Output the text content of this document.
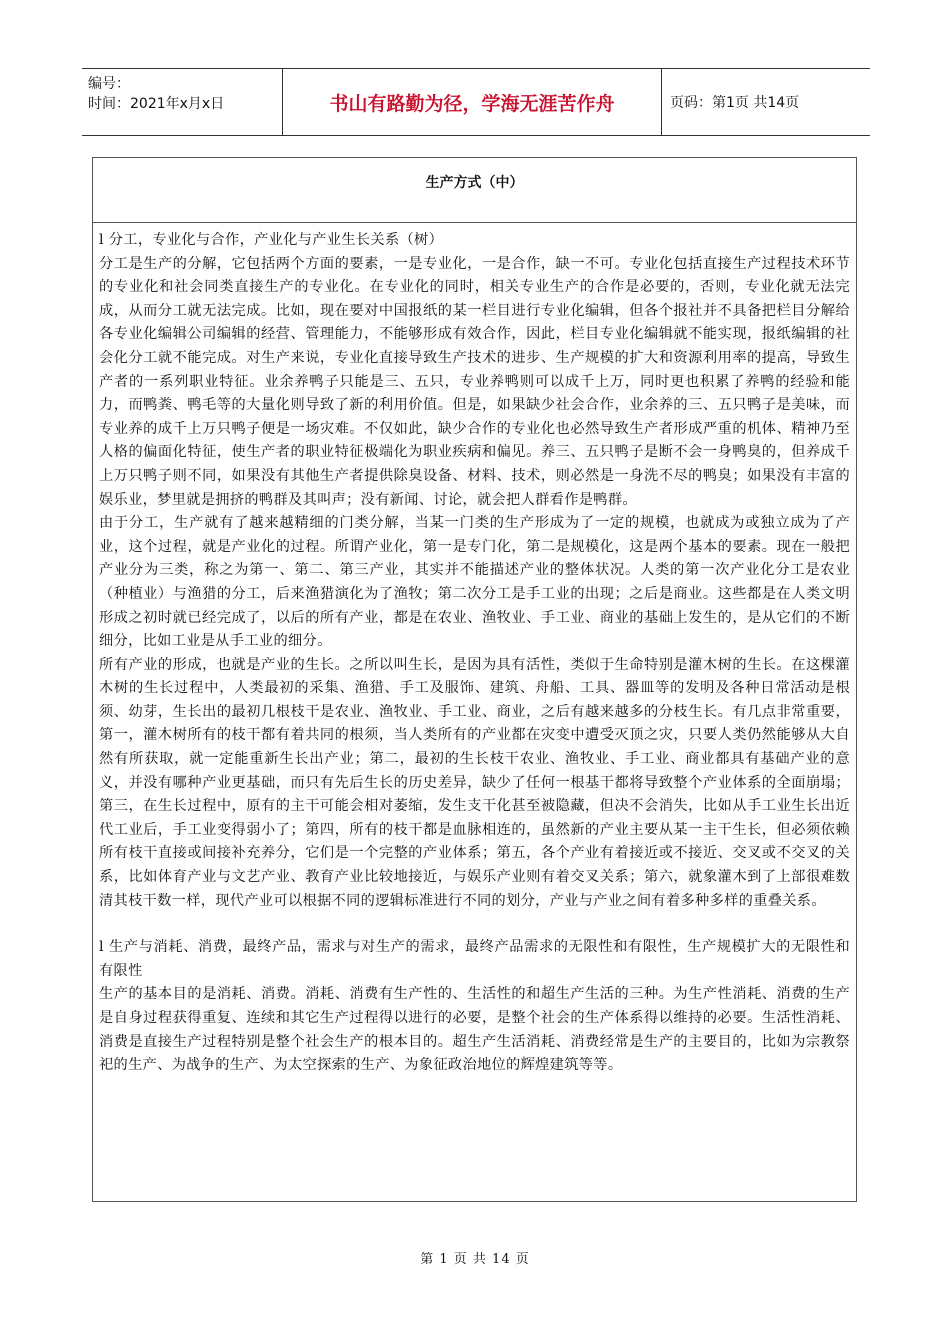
编号：
时间：2021年x月x日	书山有路勤为径，学海无涯苦作舟	页码：第1页 共14页
生产方式（中）

l 分工，专业化与合作，产业化与产业生长关系（树）

分工是生产的分解，它包括两个方面的要素，一是专业化，一是合作，缺一不可。专业化包括直接生产过程技术环节的专业化和社会同类直接生产的专业化。在专业化的同时，相关专业生产的合作是必要的，否则，专业化就无法完成，从而分工就无法完成。比如，现在要对中国报纸的某一栏目进行专业化编辑，但各个报社并不具备把栏目分解给各专业化编辑公司编辑的经营、管理能力，不能够形成有效合作，因此，栏目专业化编辑就不能实现，报纸编辑的社会化分工就不能完成。对生产来说，专业化直接导致生产技术的进步、生产规模的扩大和资源利用率的提高，导致生产者的一系列职业特征。业余养鸭子只能是三、五只，专业养鸭则可以成千上万，同时更也积累了养鸭的经验和能力，而鸭粪、鸭毛等的大量化则导致了新的利用价值。但是，如果缺少社会合作，业余养的三、五只鸭子是美味，而专业养的成千上万只鸭子便是一场灾难。不仅如此，缺少合作的专业化也必然导致生产者形成严重的机体、精神乃至人格的偏面化特征，使生产者的职业特征极端化为职业疾病和偏见。养三、五只鸭子是断不会一身鸭臭的，但养成千上万只鸭子则不同，如果没有其他生产者提供除臭设备、材料、技术，则必然是一身洗不尽的鸭臭；如果没有丰富的娱乐业，梦里就是拥挤的鸭群及其叫声；没有新闻、讨论，就会把人群看作是鸭群。

由于分工，生产就有了越来越精细的门类分解，当某一门类的生产形成为了一定的规模，也就成为或独立成为了产业，这个过程，就是产业化的过程。所谓产业化，第一是专门化，第二是规模化，这是两个基本的要素。现在一般把产业分为三类，称之为第一、第二、第三产业，其实并不能描述产业的整体状况。人类的第一次产业化分工是农业（种植业）与渔猎的分工，后来渔猎演化为了渔牧；第二次分工是手工业的出现；之后是商业。这些都是在人类文明形成之初时就已经完成了，以后的所有产业，都是在农业、渔牧业、手工业、商业的基础上发生的，是从它们的不断细分，比如工业是从手工业的细分。

所有产业的形成，也就是产业的生长。之所以叫生长，是因为具有活性，类似于生命特别是灌木树的生长。在这棵灌木树的生长过程中，人类最初的采集、渔猎、手工及服饰、建筑、舟船、工具、器皿等的发明及各种日常活动是根须、幼芽，生长出的最初几根枝干是农业、渔牧业、手工业、商业，之后有越来越多的分枝生长。有几点非常重要，第一，灌木树所有的枝干都有着共同的根须，当人类所有的产业都在灾变中遭受灭顶之灾，只要人类仍然能够从大自然有所获取，就一定能重新生长出产业；第二，最初的生长枝干农业、渔牧业、手工业、商业都具有基础产业的意义，并没有哪种产业更基础，而只有先后生长的历史差异，缺少了任何一根基干都将导致整个产业体系的全面崩塌；第三，在生长过程中，原有的主干可能会相对萎缩，发生支干化甚至被隐藏，但决不会消失，比如从手工业生长出近代工业后，手工业变得弱小了；第四，所有的枝干都是血脉相连的，虽然新的产业主要从某一主干生长，但必须依赖所有枝干直接或间接补充养分，它们是一个完整的产业体系；第五，各个产业有着接近或不接近、交叉或不交叉的关系，比如体育产业与文艺产业、教育产业比较地接近，与娱乐产业则有着交叉关系；第六，就象灌木到了上部很难数清其枝干数一样，现代产业可以根据不同的逻辑标准进行不同的划分，产业与产业之间有着多种多样的重叠关系。

l 生产与消耗、消费，最终产品，需求与对生产的需求，最终产品需求的无限性和有限性，生产规模扩大的无限性和有限性

生产的基本目的是消耗、消费。消耗、消费有生产性的、生活性的和超生产生活的三种。为生产性消耗、消费的生产是自身过程获得重复、连续和其它生产过程得以进行的必要，是整个社会的生产体系得以维持的必要。生活性消耗、消费是直接生产过程特别是整个社会生产的根本目的。超生产生活消耗、消费经常是生产的主要目的，比如为宗教祭祀的生产、为战争的生产、为太空探索的生产、为象征政治地位的辉煌建筑等等。

第 1 页 共 14 页
